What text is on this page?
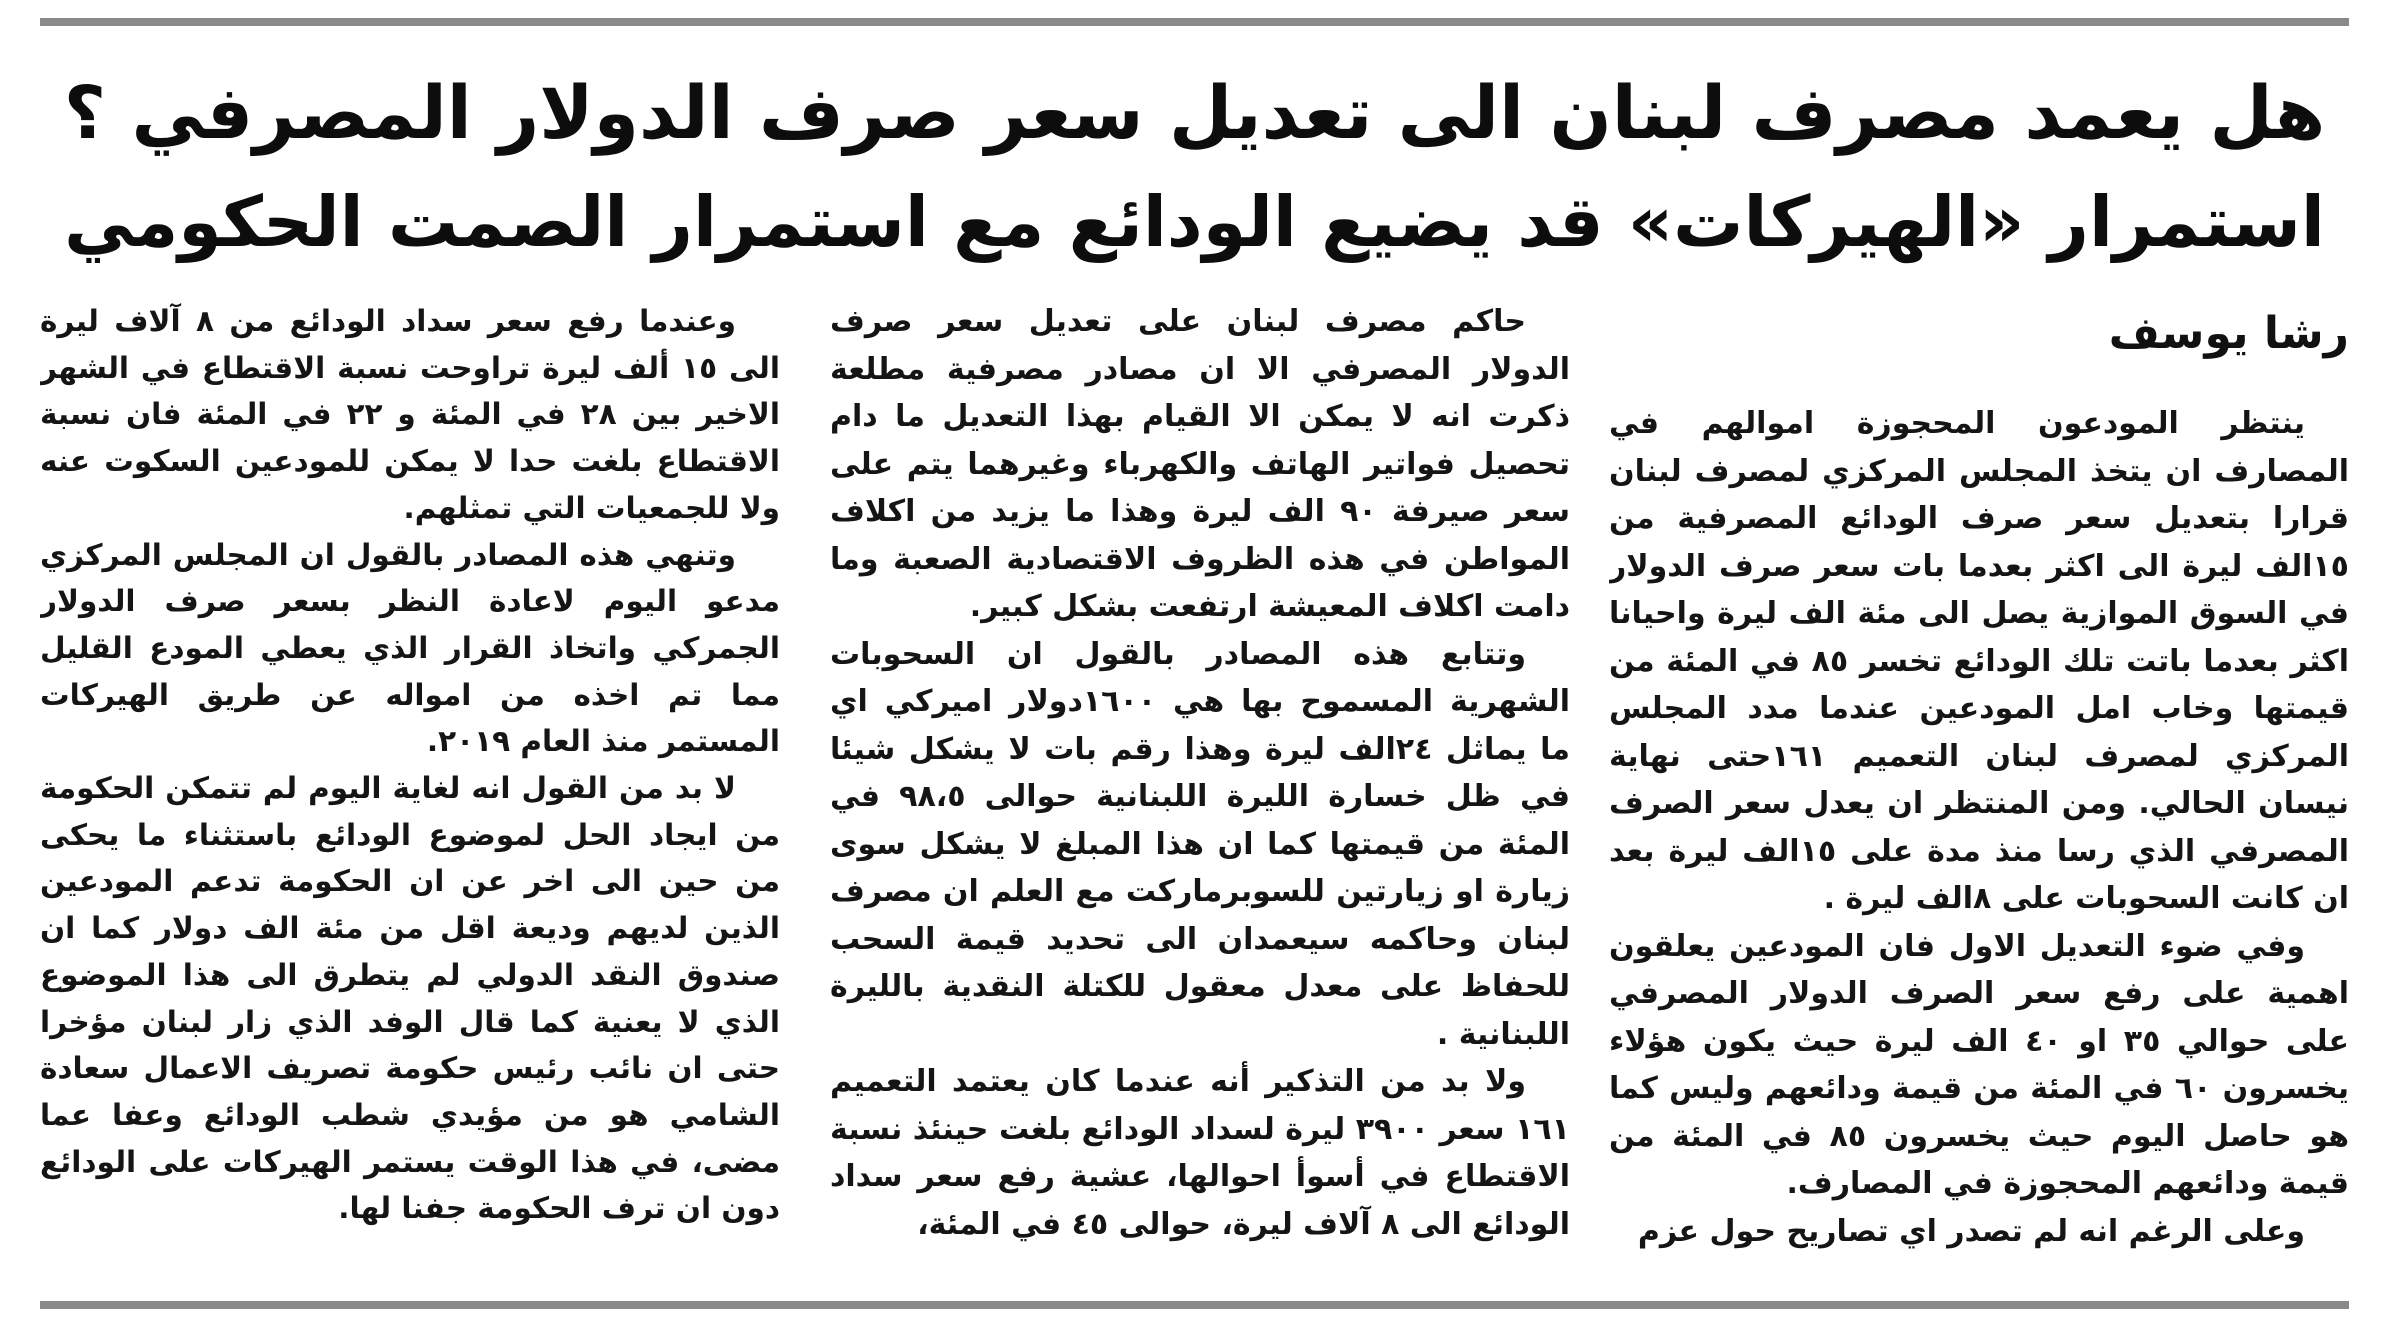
هل يعمد مصرف لبنان الى تعديل سعر صرف الدولار المصرفي ؟
استمرار «الهيركات» قد يضيع الودائع مع استمرار الصمت الحكومي
رشا يوسف

ينتظر المودعون المحجوزة اموالهم في المصارف ان يتخذ المجلس المركزي لمصرف لبنان قرارا بتعديل سعر صرف الودائع المصرفية من ١٥الف ليرة الى اكثر بعدما بات سعر صرف الدولار في السوق الموازية يصل الى مئة الف ليرة واحيانا اكثر بعدما باتت تلك الودائع تخسر ٨٥ في المئة من قيمتها وخاب امل المودعين عندما مدد المجلس المركزي لمصرف لبنان التعميم ١٦١حتى نهاية نيسان الحالي. ومن المنتظر ان يعدل سعر الصرف المصرفي الذي رسا منذ مدة على ١٥الف ليرة بعد ان كانت السحوبات على ٨الف ليرة .

وفي ضوء التعديل الاول فان المودعين يعلقون اهمية على رفع سعر الصرف الدولار المصرفي على حوالي ٣٥ او ٤٠ الف ليرة حيث يكون هؤلاء يخسرون ٦٠ في المئة من قيمة ودائعهم وليس كما هو حاصل اليوم حيث يخسرون ٨٥ في المئة من قيمة ودائعهم المحجوزة في المصارف.

وعلى الرغم انه لم تصدر اي تصاريح حول عزم

حاكم مصرف لبنان على تعديل سعر صرف الدولار المصرفي الا ان مصادر مصرفية مطلعة ذكرت انه لا يمكن الا القيام بهذا التعديل ما دام تحصيل فواتير الهاتف والكهرباء وغيرهما يتم على سعر صيرفة ٩٠ الف ليرة وهذا ما يزيد من اكلاف المواطن في هذه الظروف الاقتصادية الصعبة وما دامت اكلاف المعيشة ارتفعت بشكل كبير.

وتتابع هذه المصادر بالقول ان السحوبات الشهرية المسموح بها هي ١٦٠٠دولار اميركي اي ما يماثل ٢٤الف ليرة وهذا رقم بات لا يشكل شيئا في ظل خسارة الليرة اللبنانية حوالى ٩٨،٥ في المئة من قيمتها كما ان هذا المبلغ لا يشكل سوى زيارة او زيارتين للسوبرماركت مع العلم ان مصرف لبنان وحاكمه سيعمدان الى تحديد قيمة السحب للحفاظ على معدل معقول للكتلة النقدية بالليرة اللبنانية .

ولا بد من التذكير أنه عندما كان يعتمد التعميم ١٦١ سعر ٣٩٠٠ ليرة لسداد الودائع بلغت حينئذ نسبة الاقتطاع في أسوأ احوالها، عشية رفع سعر سداد الودائع الى ٨ آلاف ليرة، حوالى ٤٥ في المئة،

وعندما رفع سعر سداد الودائع من ٨ آلاف ليرة الى ١٥ ألف ليرة تراوحت نسبة الاقتطاع في الشهر الاخير بين ٢٨ في المئة و ٢٢ في المئة فان نسبة الاقتطاع بلغت حدا لا يمكن للمودعين السكوت عنه ولا للجمعيات التي تمثلهم.

وتنهي هذه المصادر بالقول ان المجلس المركزي مدعو اليوم لاعادة النظر بسعر صرف الدولار الجمركي واتخاذ القرار الذي يعطي المودع القليل مما تم اخذه من امواله عن طريق الهيركات المستمر منذ العام ٢٠١٩.

لا بد من القول انه لغاية اليوم لم تتمكن الحكومة من ايجاد الحل لموضوع الودائع باستثناء ما يحكى من حين الى اخر عن ان الحكومة تدعم المودعين الذين لديهم وديعة اقل من مئة الف دولار كما ان صندوق النقد الدولي لم يتطرق الى هذا الموضوع الذي لا يعنية كما قال الوفد الذي زار لبنان مؤخرا حتى ان نائب رئيس حكومة تصريف الاعمال سعادة الشامي هو من مؤيدي شطب الودائع وعفا عما مضى، في هذا الوقت يستمر الهيركات على الودائع دون ان ترف الحكومة جفنا لها.
